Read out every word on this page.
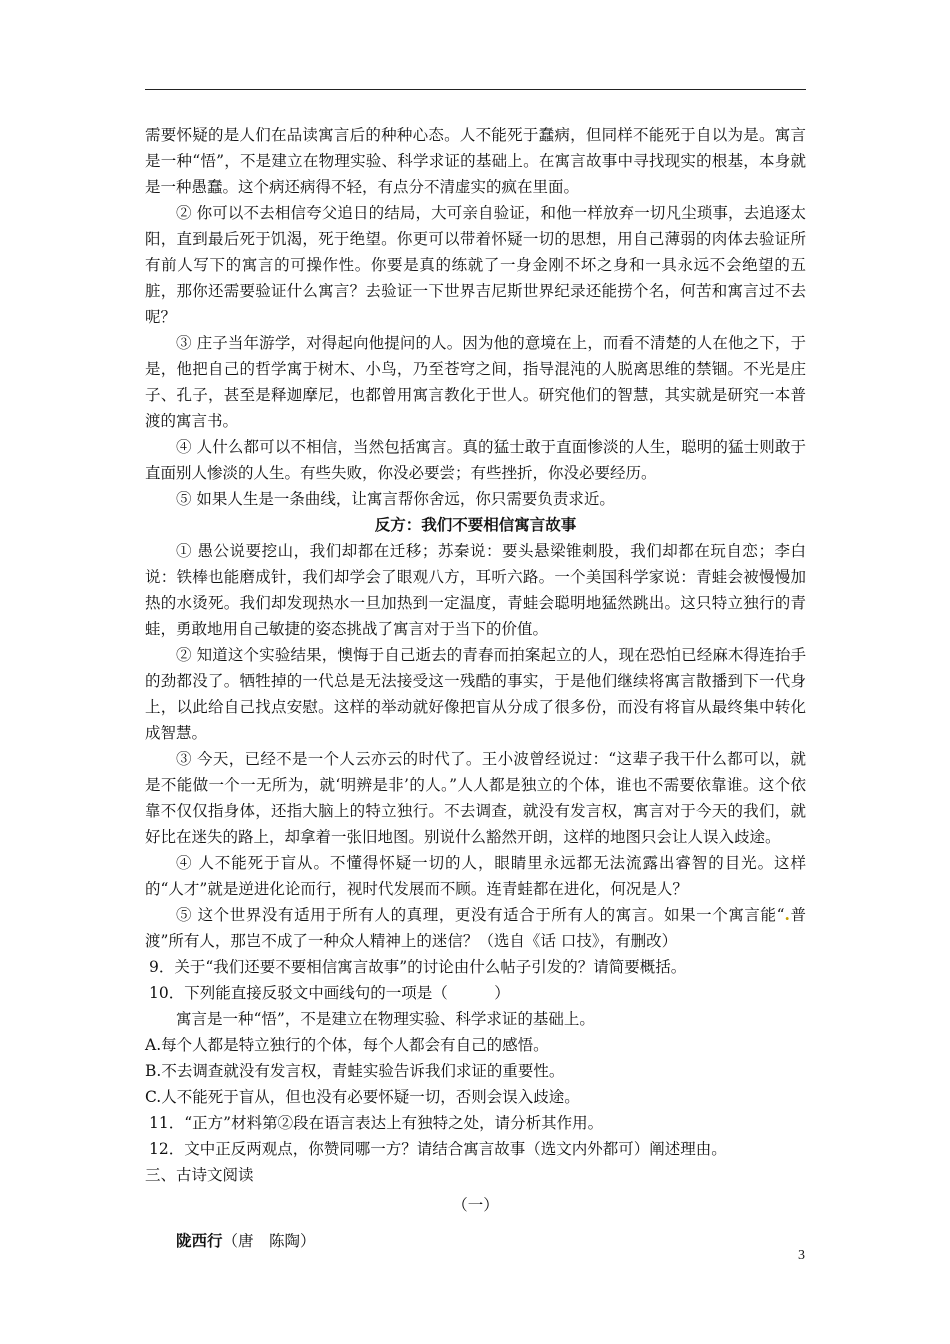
需要怀疑的是人们在品读寓言后的种种心态。人不能死于蠢病，但同样不能死于自以为是。寓言是一种“悟”，不是建立在物理实验、科学求证的基础上。在寓言故事中寻找现实的根基，本身就是一种愚蠢。这个病还病得不轻，有点分不清虚实的疯在里面。

② 你可以不去相信夸父追日的结局，大可亲自验证，和他一样放弃一切凡尘琐事，去追逐太阳，直到最后死于饥渴，死于绝望。你更可以带着怀疑一切的思想，用自己薄弱的肉体去验证所有前人写下的寓言的可操作性。你要是真的练就了一身金刚不坏之身和一具永远不会绝望的五脏，那你还需要验证什么寓言？去验证一下世界吉尼斯世界纪录还能捞个名，何苦和寓言过不去呢？

③ 庄子当年游学，对得起向他提问的人。因为他的意境在上，而看不清楚的人在他之下，于是，他把自己的哲学寓于树木、小鸟，乃至苍穹之间，指导混沌的人脱离思维的禁锢。不光是庄子、孔子，甚至是释迦摩尼，也都曾用寓言教化于世人。研究他们的智慧，其实就是研究一本普渡的寓言书。

④ 人什么都可以不相信，当然包括寓言。真的猛士敢于直面惨淡的人生，聪明的猛士则敢于直面别人惨淡的人生。有些失败，你没必要尝；有些挫折，你没必要经历。

⑤ 如果人生是一条曲线，让寓言帮你舍远，你只需要负责求近。

反方：我们不要相信寓言故事

① 愚公说要挖山，我们却都在迁移；苏秦说：要头悬梁锥刺股，我们却都在玩自恋；李白说：铁棒也能磨成针，我们却学会了眼观八方，耳听六路。一个美国科学家说：青蛙会被慢慢加热的水烫死。我们却发现热水一旦加热到一定温度，青蛙会聪明地猛然跳出。这只特立独行的青蛙，勇敢地用自己敏捷的姿态挑战了寓言对于当下的价值。

② 知道这个实验结果，懊悔于自己逝去的青春而拍案起立的人，现在恐怕已经麻木得连抬手的劲都没了。牺牲掉的一代总是无法接受这一残酷的事实，于是他们继续将寓言散播到下一代身上，以此给自己找点安慰。这样的举动就好像把盲从分成了很多份，而没有将盲从最终集中转化成智慧。

③ 今天，已经不是一个人云亦云的时代了。王小波曾经说过：“这辈子我干什么都可以，就是不能做一个一无所为，就‘明辨是非’的人。”人人都是独立的个体，谁也不需要依靠谁。这个依靠不仅仅指身体，还指大脑上的特立独行。不去调查，就没有发言权，寓言对于今天的我们，就好比在迷失的路上，却拿着一张旧地图。别说什么豁然开朗，这样的地图只会让人误入歧途。

④ 人不能死于盲从。不懂得怀疑一切的人，眼睛里永远都无法流露出睿智的目光。这样的“人才”就是逆进化论而行，视时代发展而不顾。连青蛙都在进化，何况是人？

⑤ 这个世界没有适用于所有人的真理，更没有适合于所有人的寓言。如果一个寓言能“.普渡”所有人，那岂不成了一种众人精神上的迷信？（选自《话 口技》，有删改）

9．关于“我们还要不要相信寓言故事”的讨论由什么帖子引发的？请简要概括。

10．下列能直接反驳文中画线句的一项是（　　　）

寓言是一种“悟”，不是建立在物理实验、科学求证的基础上。

A.每个人都是特立独行的个体，每个人都会有自己的感悟。

B.不去调查就没有发言权，青蛙实验告诉我们求证的重要性。

C.人不能死于盲从，但也没有必要怀疑一切，否则会误入歧途。

11．“正方”材料第②段在语言表达上有独特之处，请分析其作用。

12．文中正反两观点，你赞同哪一方？请结合寓言故事（选文内外都可）阐述理由。

三、古诗文阅读

（一）

陇西行（唐　陈陶）

3
